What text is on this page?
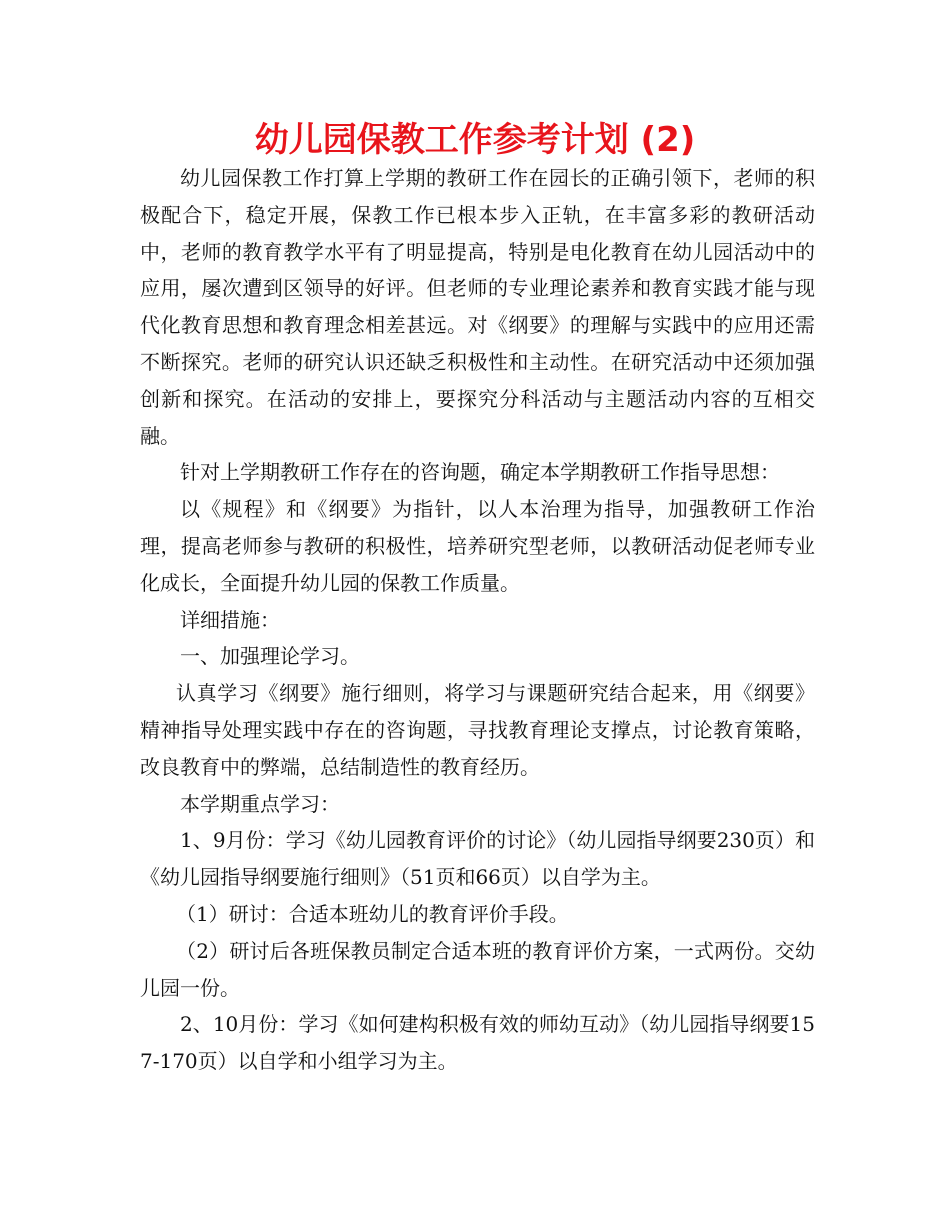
幼儿园保教工作参考计划 (2)

幼儿园保教工作打算上学期的教研工作在园长的正确引领下，老师的积极配合下，稳定开展，保教工作已根本步入正轨，在丰富多彩的教研活动中，老师的教育教学水平有了明显提高，特别是电化教育在幼儿园活动中的应用，屡次遭到区领导的好评。但老师的专业理论素养和教育实践才能与现代化教育思想和教育理念相差甚远。对《纲要》的理解与实践中的应用还需不断探究。老师的研究认识还缺乏积极性和主动性。在研究活动中还须加强创新和探究。在活动的安排上，要探究分科活动与主题活动内容的互相交融。

针对上学期教研工作存在的咨询题，确定本学期教研工作指导思想：

以《规程》和《纲要》为指针，以人本治理为指导，加强教研工作治理，提高老师参与教研的积极性，培养研究型老师，以教研活动促老师专业化成长，全面提升幼儿园的保教工作质量。

详细措施：

一、加强理论学习。

认真学习《纲要》施行细则，将学习与课题研究结合起来，用《纲要》精神指导处理实践中存在的咨询题，寻找教育理论支撑点，讨论教育策略，改良教育中的弊端，总结制造性的教育经历。

本学期重点学习：

1、9月份：学习《幼儿园教育评价的讨论》（幼儿园指导纲要230页）和《幼儿园指导纲要施行细则》（51页和66页）以自学为主。

（1）研讨：合适本班幼儿的教育评价手段。

（2）研讨后各班保教员制定合适本班的教育评价方案，一式两份。交幼儿园一份。

2、10月份：学习《如何建构积极有效的师幼互动》（幼儿园指导纲要157-170页）以自学和小组学习为主。
